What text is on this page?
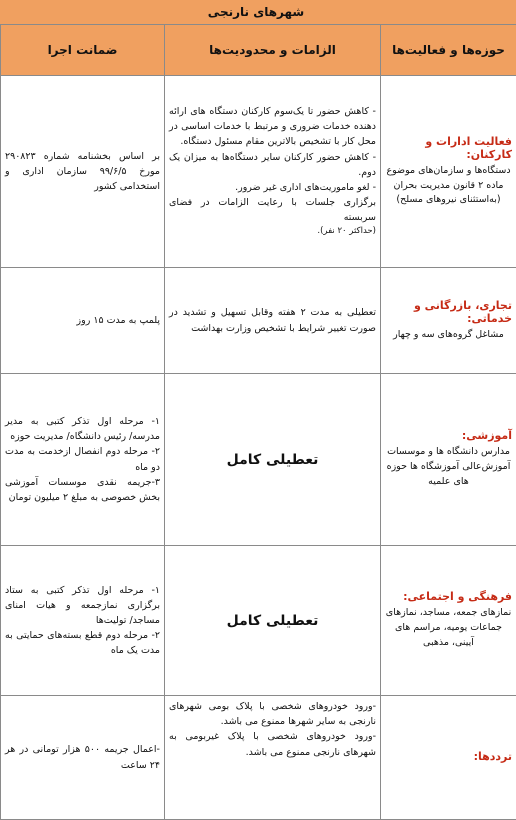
شهرهای نارنجی
حوزه‌ها و فعالیت‌ها	الزامات و محدودیت‌ها	ضمانت اجرا

فعالیت ادارات و کارکنان:
دستگاه‌ها و سازمان‌های موضوع ماده ۲ قانون مدیریت بحران (به‌استثنای نیروهای مسلح)	- کاهش حضور تا یک‌سوم کارکنان دستگاه های ارائه دهنده خدمات ضروری و مرتبط با خدمات اساسی در محل کار با تشخیص بالاترین مقام مسئول دستگاه.
- کاهش حضور کارکنان سایر دستگاه‌ها به میزان یک دوم.
- لغو ماموریت‌های اداری غیر ضرور.
برگزاری جلسات با رعایت الزامات در فضای سربسته
(حداکثر ۲۰ نفر).	بر اساس بخشنامه شماره ۲۹۰۸۲۳ مورخ ۹۹/۶/۵ سازمان اداری و استخدامی کشور

تجاری، بازرگانی و خدماتی:
مشاغل گروه‌های سه و چهار	تعطیلی به مدت ۲ هفته وقابل تسهیل و تشدید در صورت تغییر شرایط با تشخیص وزارت بهداشت	پلمپ به مدت ۱۵ روز

آموزشی:
مدارس دانشگاه ها و موسسات آموزش‌عالی آموزشگاه ها حوزه های علمیه	تعطیلی کامل	۱- مرحله اول تذکر کتبی به مدیر مدرسه/ رئیس دانشگاه/ مدیریت حوزه
۲- مرحله دوم انفصال ازخدمت به مدت دو ماه
۳-جریمه نقدی موسسات آموزشی بخش خصوصی به مبلغ ۲ میلیون تومان

فرهنگی و اجتماعی:
نمازهای جمعه، مساجد، نمازهای جماعات یومیه، مراسم های آیینی، مذهبی	تعطیلی کامل	۱- مرحله اول تذکر کتبی به ستاد برگزاری نمازجمعه و هیات امنای مساجد/ تولیت‌ها
۲- مرحله دوم قطع بسته‌های حمایتی به مدت یک ماه

ترددها:	-ورود خودروهای شخصی با پلاک بومی شهرهای نارنجی به سایر شهرها ممنوع می باشد.
-ورود خودروهای شخصی با پلاک غیربومی به شهرهای نارنجی ممنوع می باشد.	-اعمال جریمه ۵۰۰ هزار تومانی در هر ۲۴ ساعت
